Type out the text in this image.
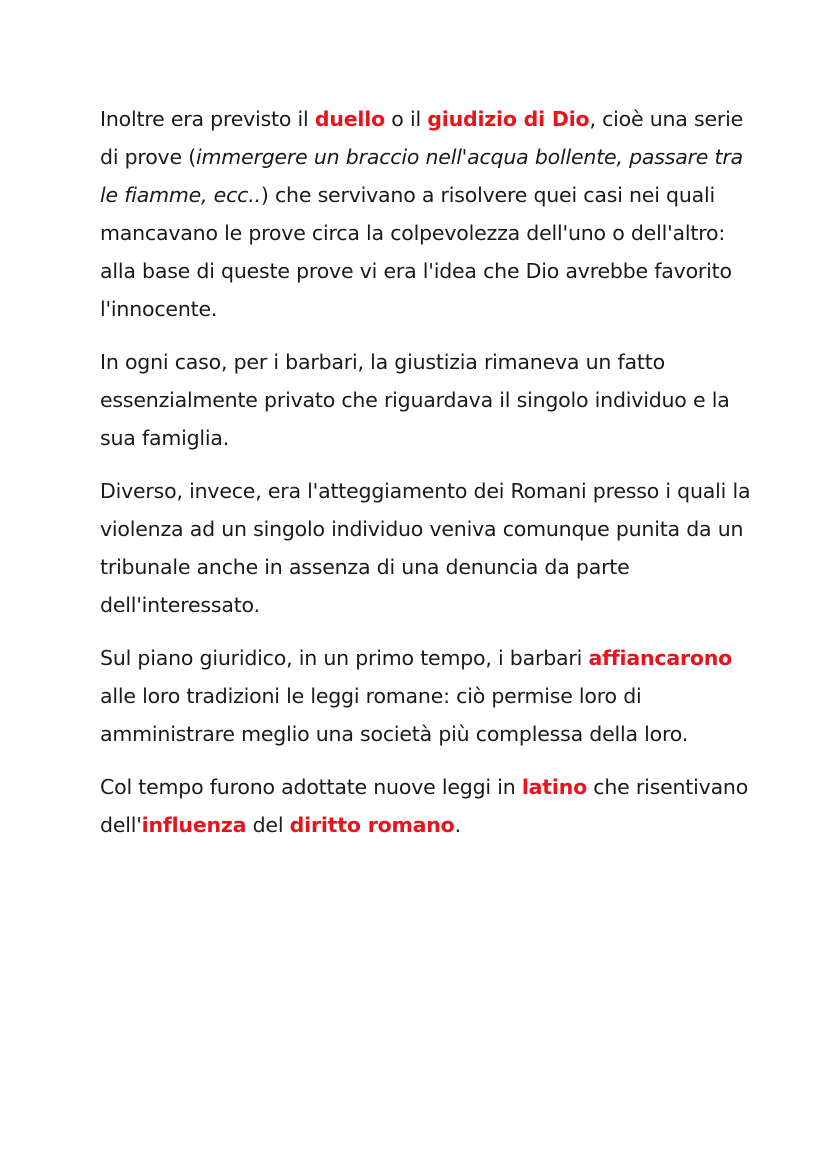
Inoltre era previsto il duello o il giudizio di Dio, cioè una serie di prove (immergere un braccio nell'acqua bollente, passare tra le fiamme, ecc..) che servivano a risolvere quei casi nei quali mancavano le prove circa la colpevolezza dell'uno o dell'altro: alla base di queste prove vi era l'idea che Dio avrebbe favorito l'innocente.

In ogni caso, per i barbari, la giustizia rimaneva un fatto essenzialmente privato che riguardava il singolo individuo e la sua famiglia.

Diverso, invece, era l'atteggiamento dei Romani presso i quali la violenza ad un singolo individuo veniva comunque punita da un tribunale anche in assenza di una denuncia da parte dell'interessato.

Sul piano giuridico, in un primo tempo, i barbari affiancarono alle loro tradizioni le leggi romane: ciò permise loro di amministrare meglio una società più complessa della loro.

Col tempo furono adottate nuove leggi in latino che risentivano dell'influenza del diritto romano.
